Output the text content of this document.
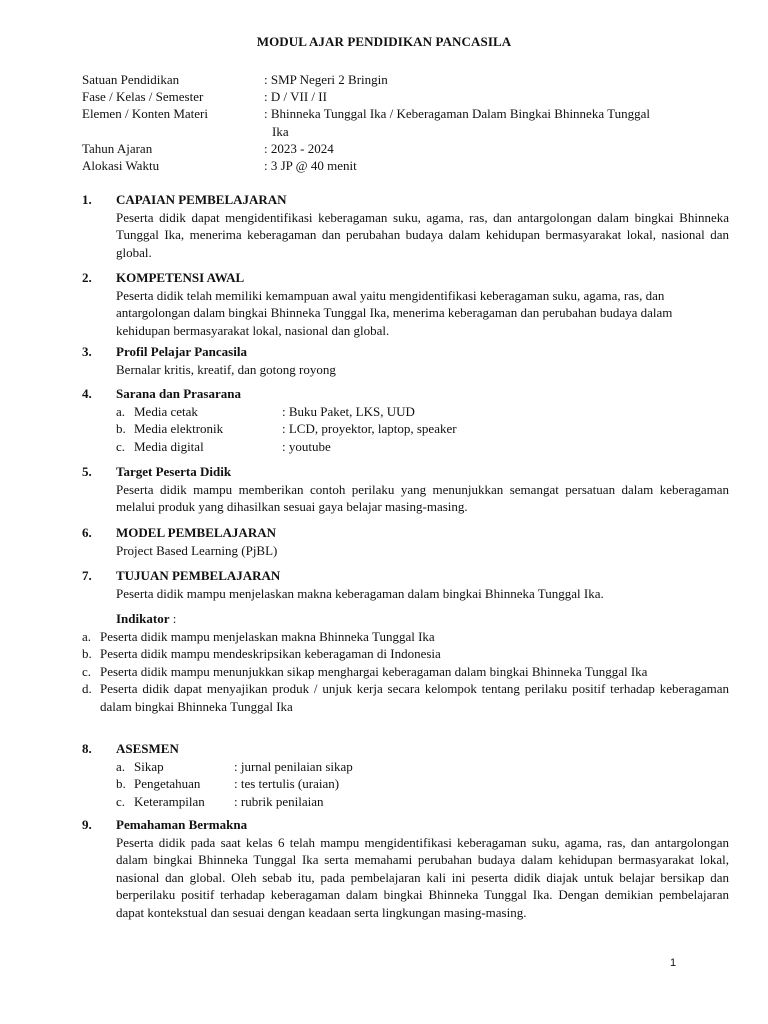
MODUL AJAR PENDIDIKAN PANCASILA
Satuan Pendidikan	: SMP Negeri 2 Bringin
Fase / Kelas / Semester	: D / VII / II
Elemen / Konten Materi	: Bhinneka Tunggal Ika / Keberagaman Dalam Bingkai Bhinneka Tunggal
Ika
Tahun Ajaran	: 2023 - 2024
Alokasi Waktu	: 3 JP @ 40 menit
1.	CAPAIAN PEMBELAJARAN
Peserta didik dapat mengidentifikasi keberagaman suku, agama, ras, dan antargolongan dalam bingkai Bhinneka Tunggal Ika, menerima keberagaman dan perubahan budaya dalam kehidupan bermasyarakat lokal, nasional dan global.
2.	KOMPETENSI AWAL
Peserta didik telah memiliki kemampuan awal yaitu mengidentifikasi keberagaman suku, agama, ras, dan antargolongan dalam bingkai Bhinneka Tunggal Ika, menerima keberagaman dan perubahan budaya dalam kehidupan bermasyarakat lokal, nasional dan global.
3.	Profil Pelajar Pancasila
Bernalar kritis, kreatif, dan gotong royong
4.	Sarana dan Prasarana
a. Media cetak	: Buku Paket, LKS, UUD
b. Media elektronik	: LCD, proyektor, laptop, speaker
c. Media digital	: youtube
5.	Target Peserta Didik
Peserta didik mampu memberikan contoh perilaku yang menunjukkan semangat persatuan dalam keberagaman melalui produk yang dihasilkan sesuai gaya belajar masing-masing.
6.	MODEL PEMBELAJARAN
Project Based Learning (PjBL)
7.	TUJUAN PEMBELAJARAN
Peserta didik mampu menjelaskan makna keberagaman dalam bingkai Bhinneka Tunggal Ika.
Indikator :
a. Peserta didik mampu menjelaskan makna Bhinneka Tunggal Ika
b. Peserta didik mampu mendeskripsikan keberagaman di Indonesia
c. Peserta didik mampu menunjukkan sikap menghargai keberagaman dalam bingkai Bhinneka Tunggal Ika
d. Peserta didik dapat menyajikan produk / unjuk kerja secara kelompok tentang perilaku positif terhadap keberagaman dalam bingkai Bhinneka Tunggal Ika
8.	ASESMEN
a. Sikap	: jurnal penilaian sikap
b. Pengetahuan	: tes tertulis (uraian)
c. Keterampilan	: rubrik penilaian
9.	Pemahaman Bermakna
Peserta didik pada saat kelas 6 telah mampu mengidentifikasi keberagaman suku, agama, ras, dan antargolongan dalam bingkai Bhinneka Tunggal Ika serta memahami perubahan budaya dalam kehidupan bermasyarakat lokal, nasional dan global. Oleh sebab itu, pada pembelajaran kali ini peserta didik diajak untuk belajar bersikap dan berperilaku positif terhadap keberagaman dalam bingkai Bhinneka Tunggal Ika. Dengan demikian pembelajaran dapat kontekstual dan sesuai dengan keadaan serta lingkungan masing-masing.
1
